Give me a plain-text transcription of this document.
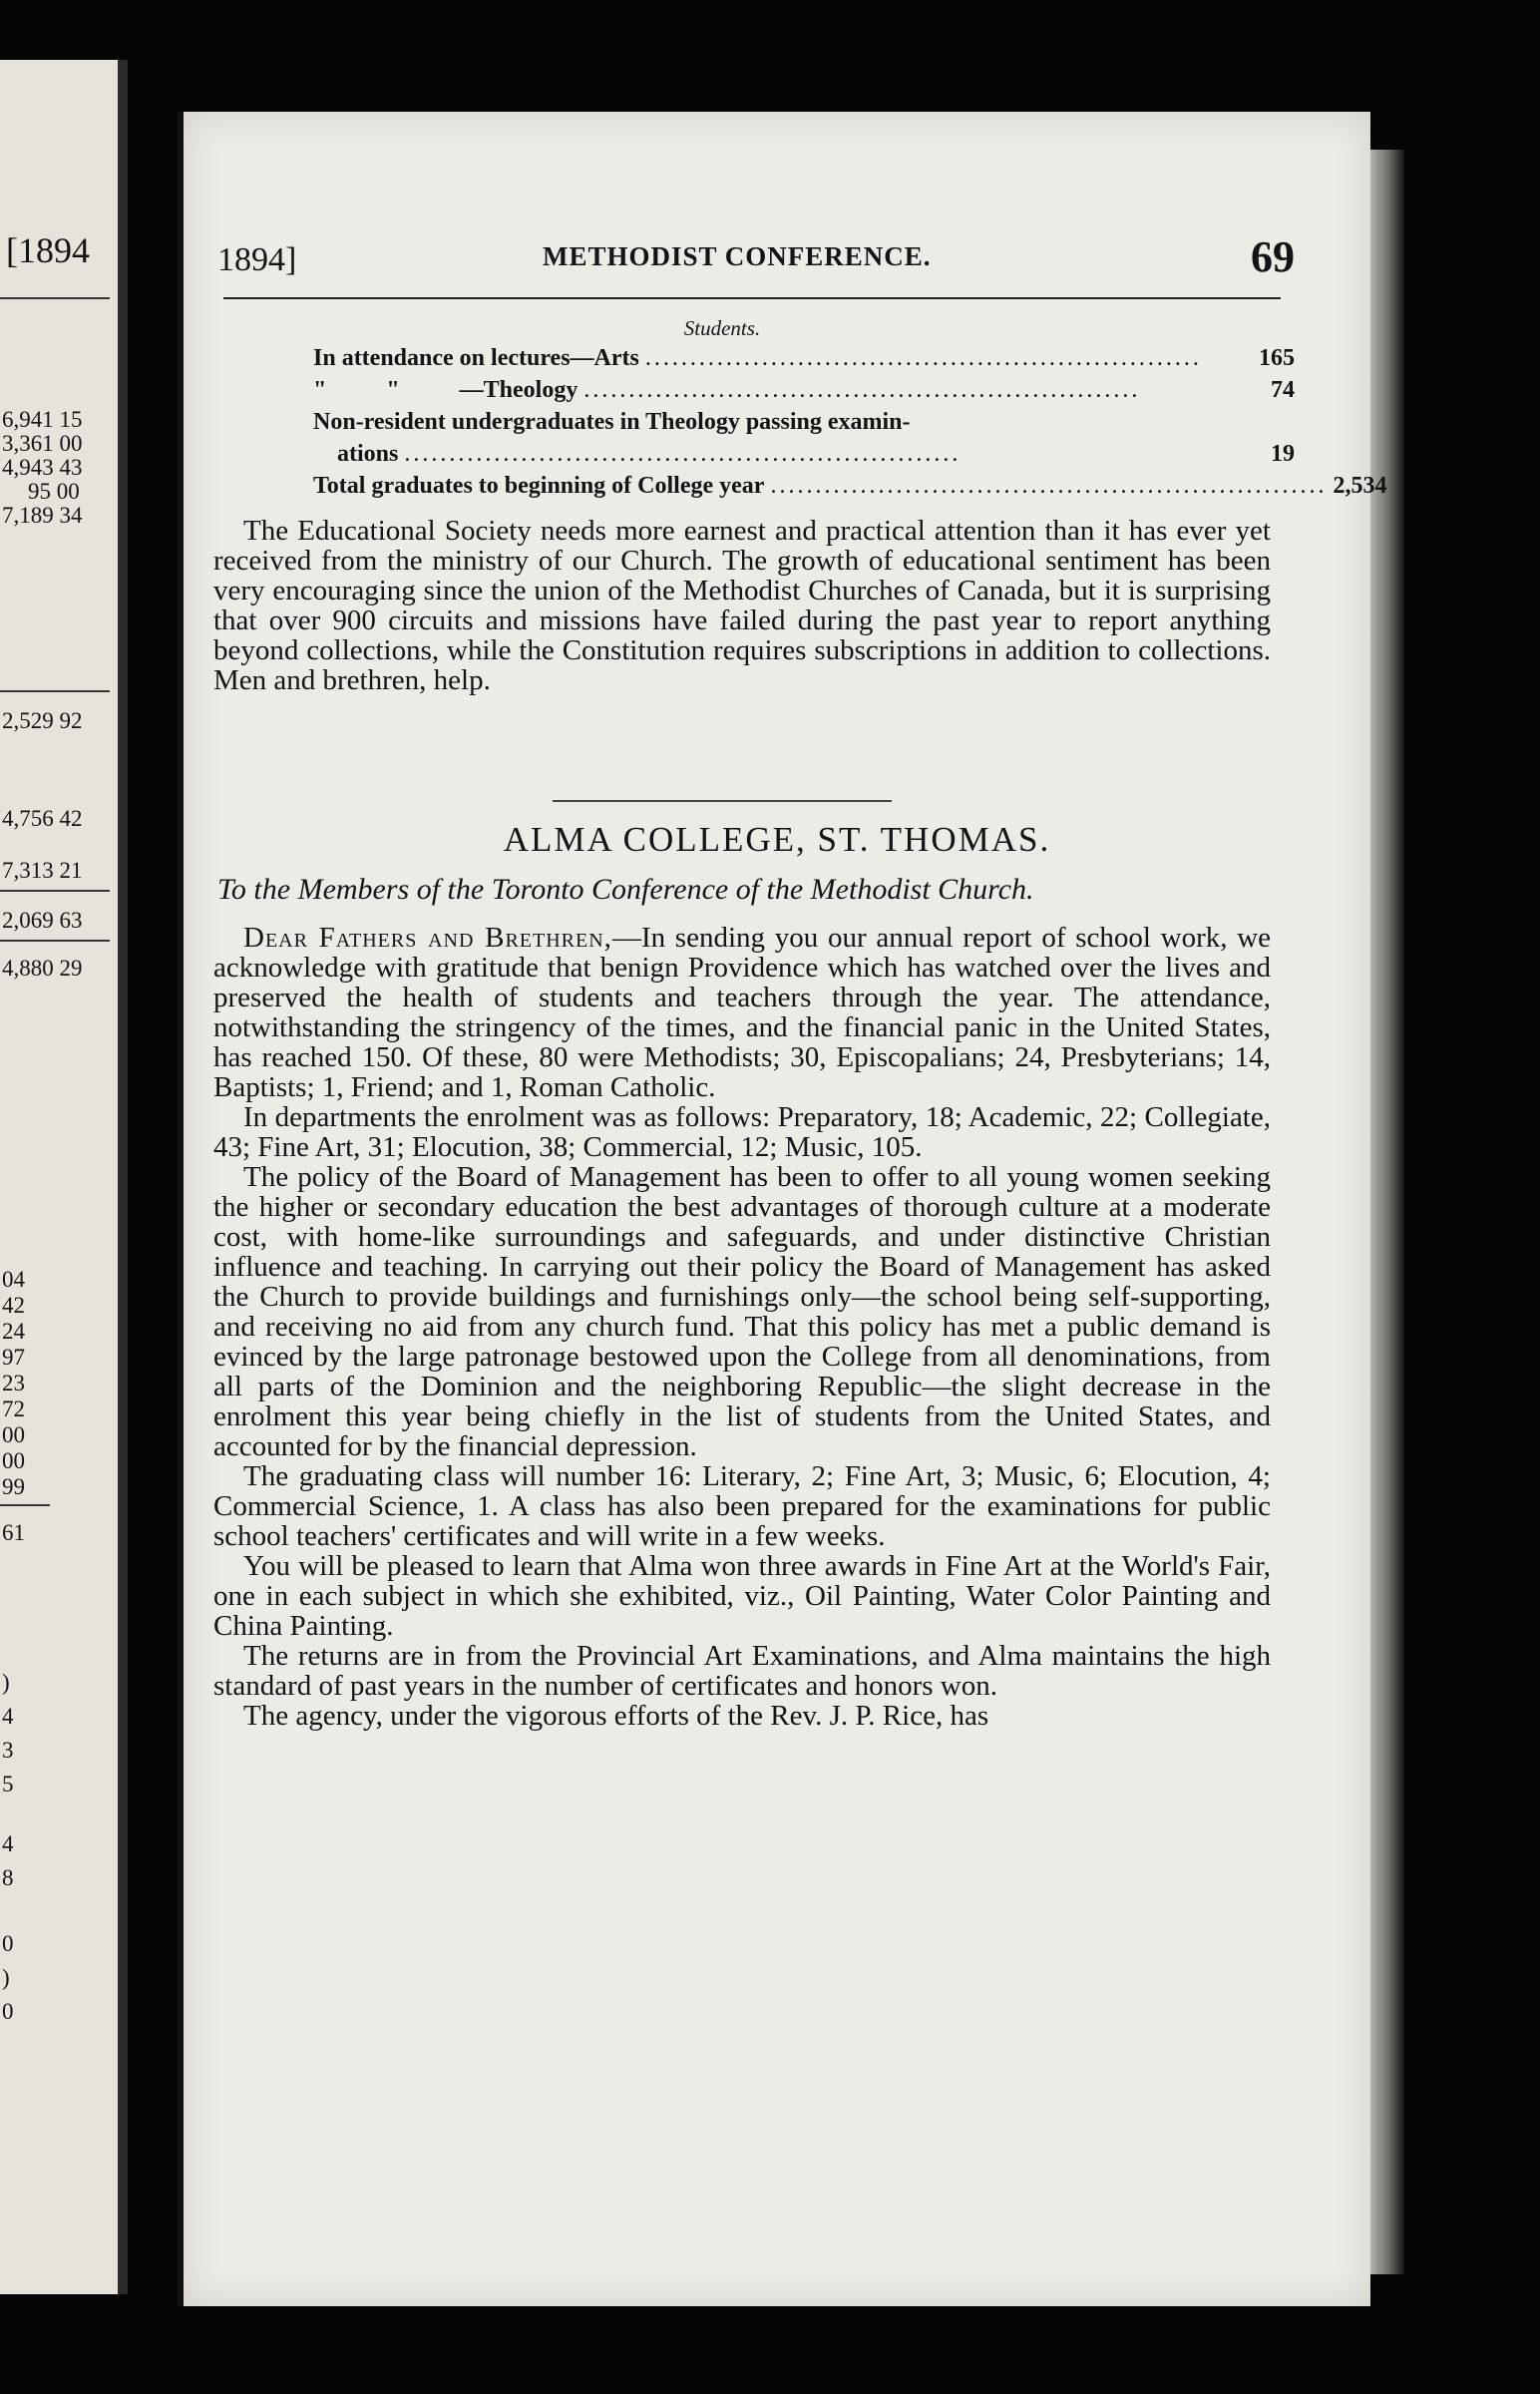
[1894
6,941 15
3,361 00
4,943 43
95 00
7,189 34
2,529 92
4,756 42
7,313 21
2,069 63
4,880 29
04
42
24
97
23
72
00
00
99
61
)
4
3
5
4
8
0
)
0
1894]	METHODIST CONFERENCE.	69
Students.
In attendance on lectures—Arts ..............................................................	165
"          "          —Theology ..............................................................	74
Non-resident undergraduates in Theology passing examin-
ations ..............................................................	19
Total graduates to beginning of College year .............................................................. 2,534

The Educational Society needs more earnest and practical attention than it has ever yet received from the ministry of our Church. The growth of educational sentiment has been very encouraging since the union of the Methodist Churches of Canada, but it is surprising that over 900 circuits and missions have failed during the past year to report anything beyond collections, while the Constitution requires subscriptions in addition to collections. Men and brethren, help.

ALMA COLLEGE, ST. THOMAS.
To the Members of the Toronto Conference of the Methodist Church.

Dear Fathers and Brethren,—In sending you our annual report of school work, we acknowledge with gratitude that benign Providence which has watched over the lives and preserved the health of students and teachers through the year. The attendance, notwithstanding the stringency of the times, and the financial panic in the United States, has reached 150. Of these, 80 were Methodists; 30, Episcopalians; 24, Presbyterians; 14, Baptists; 1, Friend; and 1, Roman Catholic.

In departments the enrolment was as follows: Preparatory, 18; Academic, 22; Collegiate, 43; Fine Art, 31; Elocution, 38; Commercial, 12; Music, 105.

The policy of the Board of Management has been to offer to all young women seeking the higher or secondary education the best advantages of thorough culture at a moderate cost, with home-like surroundings and safeguards, and under distinctive Christian influence and teaching. In carrying out their policy the Board of Management has asked the Church to provide buildings and furnishings only—the school being self-supporting, and receiving no aid from any church fund. That this policy has met a public demand is evinced by the large patronage bestowed upon the College from all denominations, from all parts of the Dominion and the neighboring Republic—the slight decrease in the enrolment this year being chiefly in the list of students from the United States, and accounted for by the financial depression.

The graduating class will number 16: Literary, 2; Fine Art, 3; Music, 6; Elocution, 4; Commercial Science, 1. A class has also been prepared for the examinations for public school teachers' certificates and will write in a few weeks.

You will be pleased to learn that Alma won three awards in Fine Art at the World's Fair, one in each subject in which she exhibited, viz., Oil Painting, Water Color Painting and China Painting.

The returns are in from the Provincial Art Examinations, and Alma maintains the high standard of past years in the number of certificates and honors won.

The agency, under the vigorous efforts of the Rev. J. P. Rice, has
